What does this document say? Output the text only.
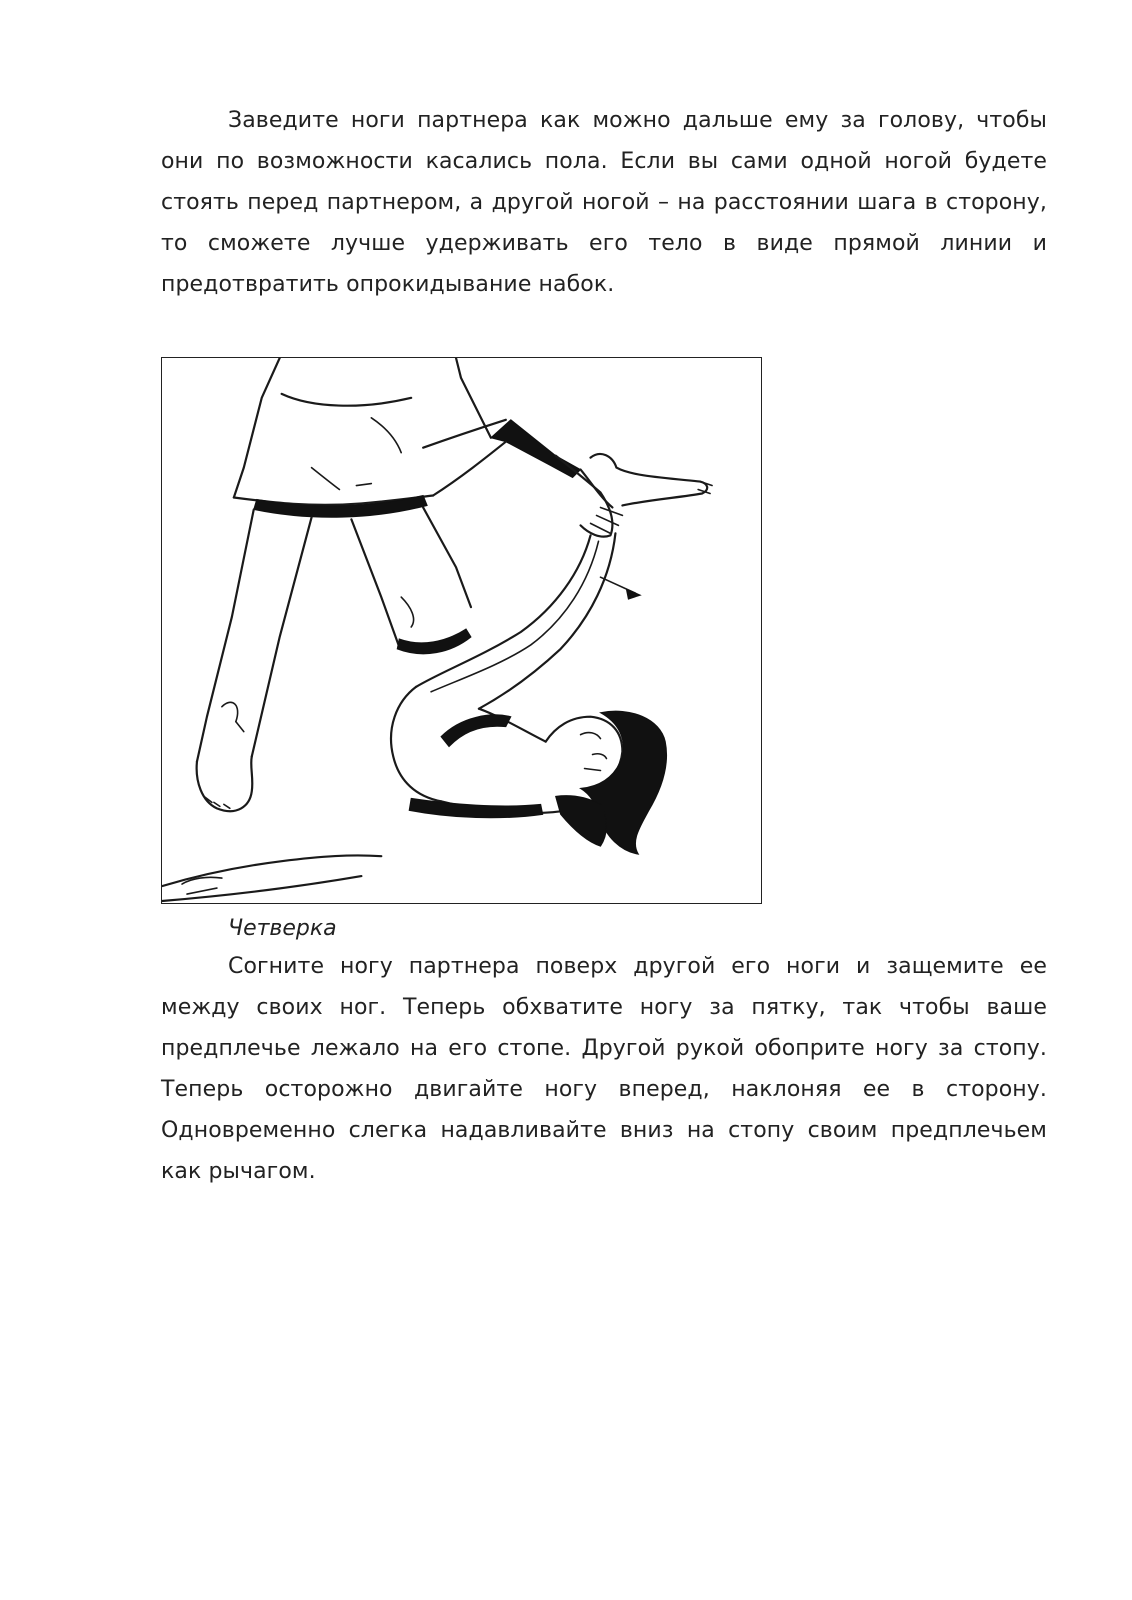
Заведите ноги партнера как можно дальше ему за голову, чтобы они по возможности касались пола. Если вы сами одной ногой будете стоять перед партнером, а другой ногой – на расстоянии шага в сторону, то сможете лучше удерживать его тело в виде прямой линии и предотвратить опрокидывание набок.

Четверка

Согните ногу партнера поверх другой его ноги и защемите ее между своих ног. Теперь обхватите ногу за пятку, так чтобы ваше предплечье лежало на его стопе. Другой рукой обоприте ногу за стопу. Теперь осторожно двигайте ногу вперед, наклоняя ее в сторону. Одновременно слегка надавливайте вниз на стопу своим предплечьем как рычагом.
